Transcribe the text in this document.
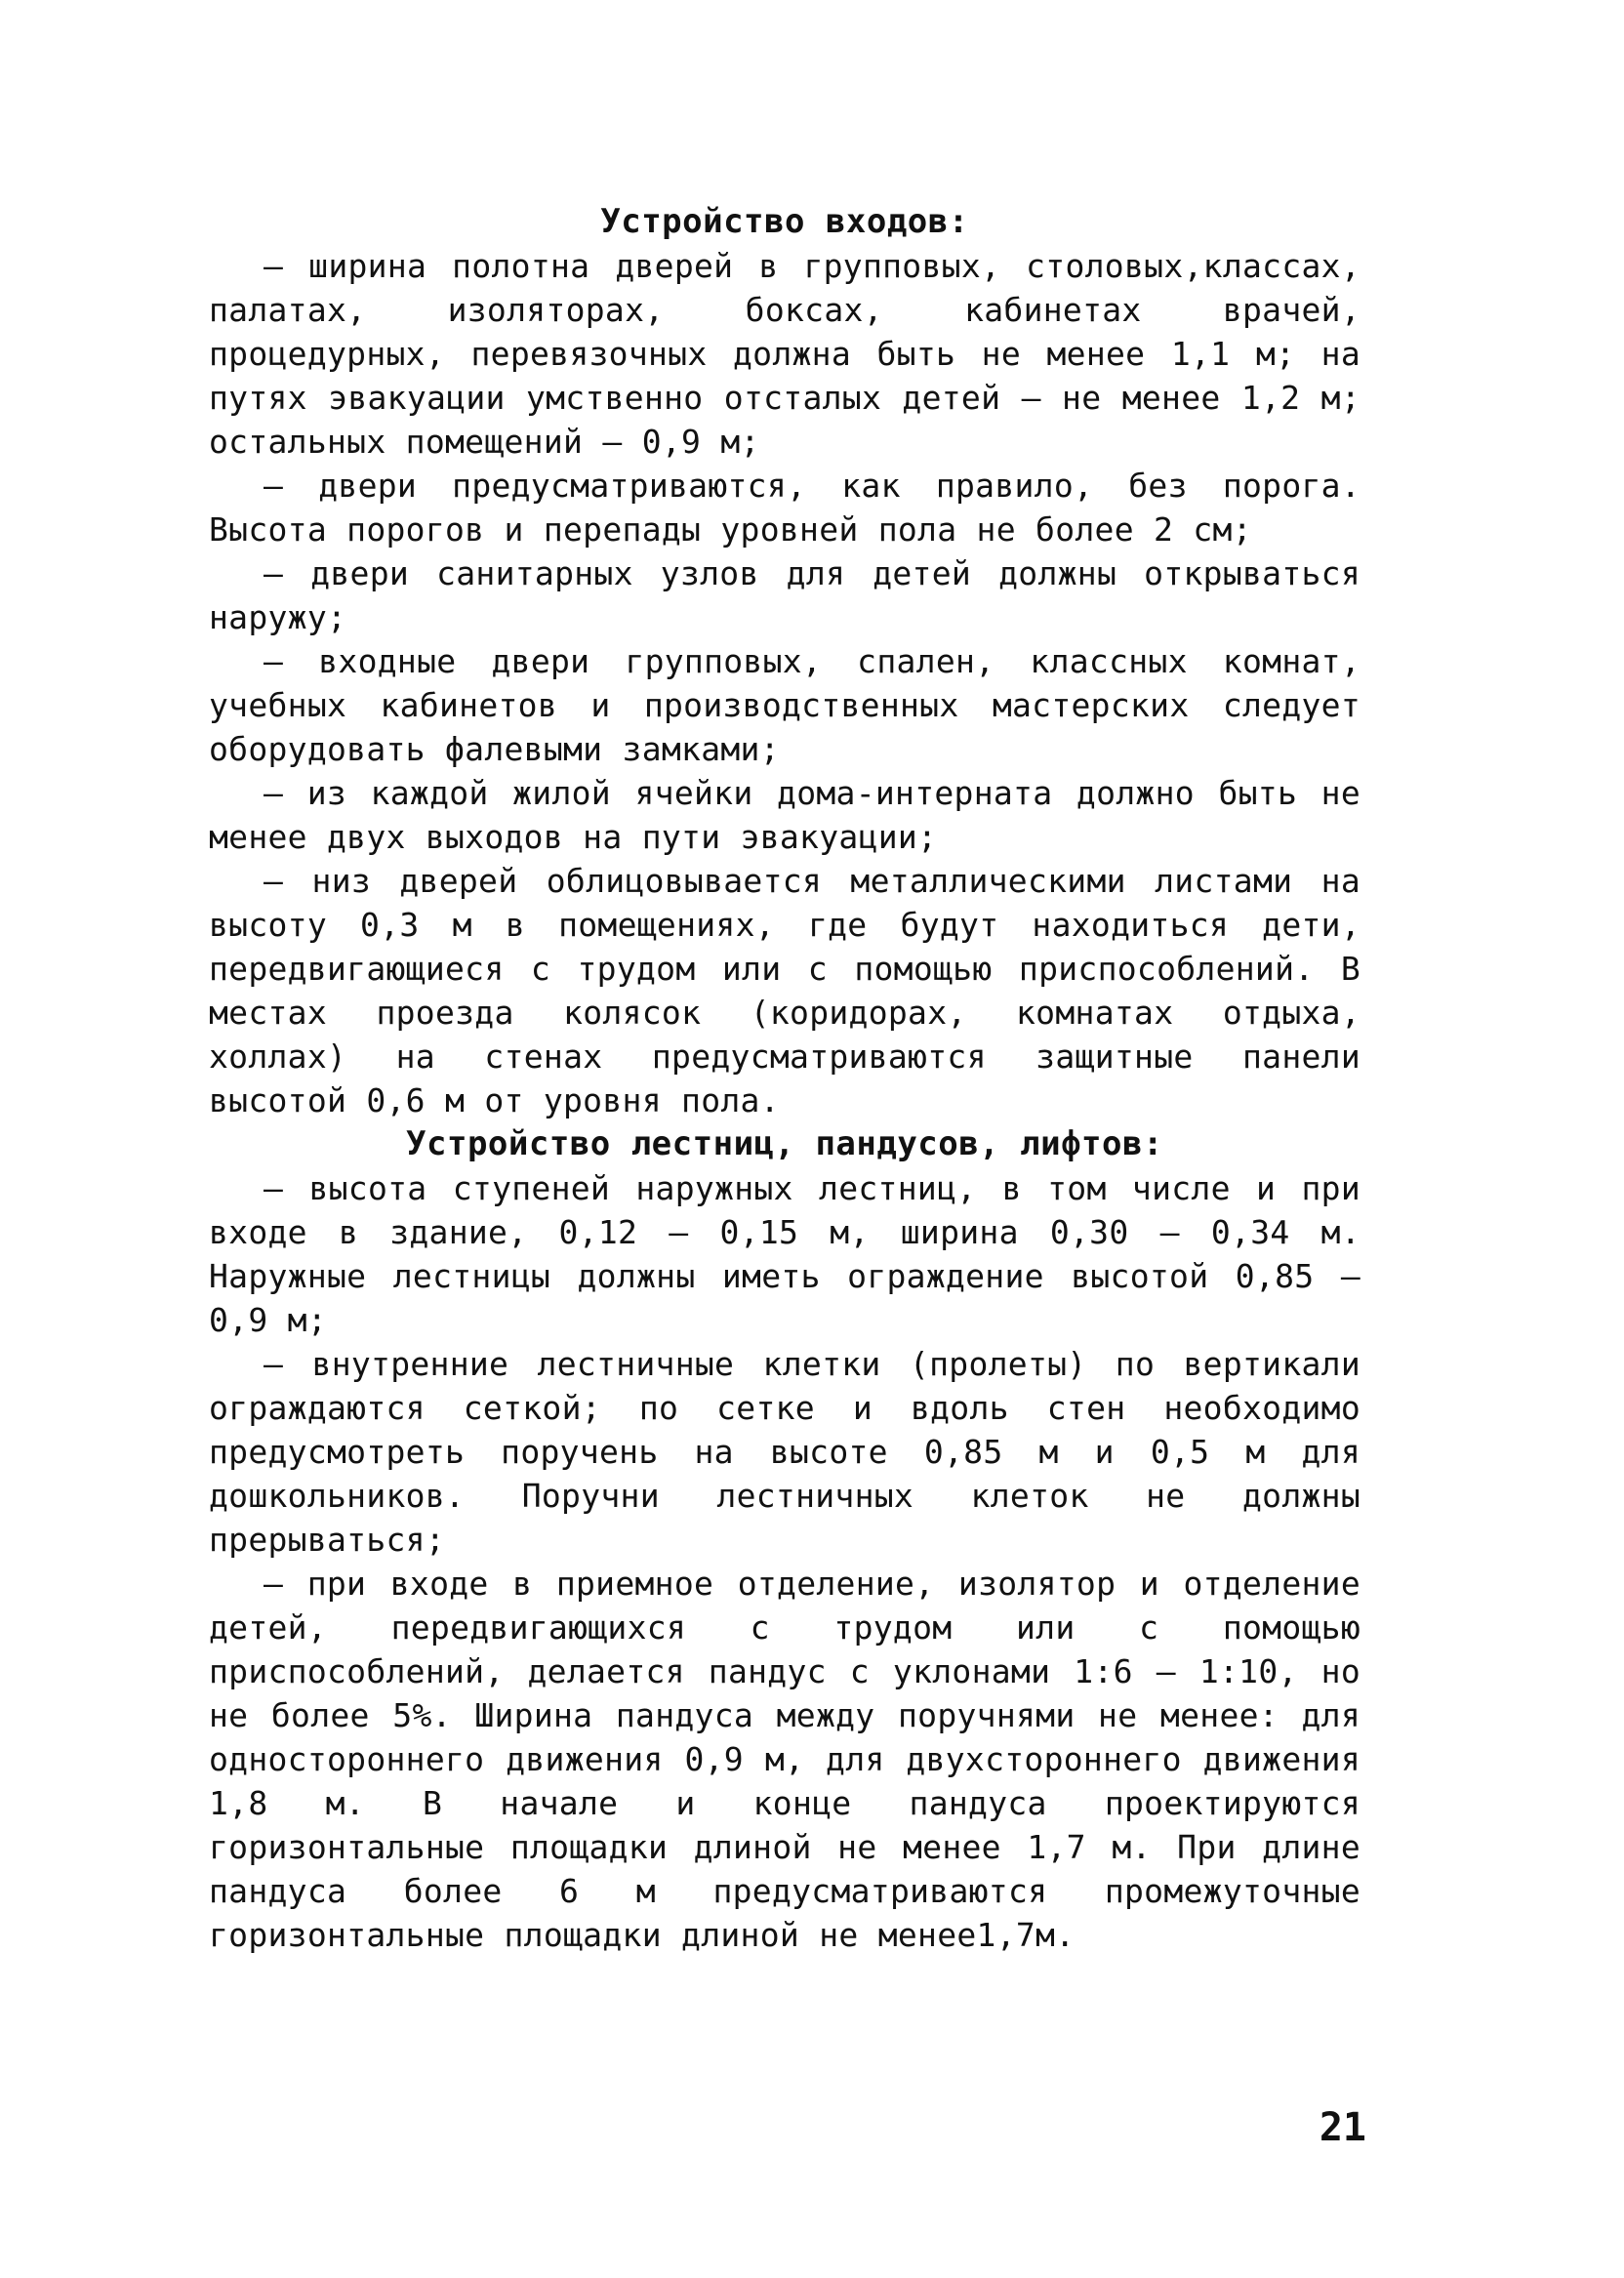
Устройство входов:

– ширина полотна дверей в групповых, столовых,классах, палатах, изоляторах, боксах, кабинетах врачей, процедурных, перевязочных должна быть не менее 1,1 м; на путях эвакуации умственно отсталых детей – не менее 1,2 м; остальных помещений – 0,9 м;

– двери предусматриваются, как правило, без порога. Высота порогов и перепады уровней пола не более 2 см;

– двери санитарных узлов для детей должны открываться наружу;

– входные двери групповых, спален, классных комнат, учебных кабинетов и производственных мастерских следует оборудовать фалевыми замками;

– из каждой жилой ячейки дома-интерната должно быть не менее двух выходов на пути эвакуации;

– низ дверей облицовывается металлическими листами на высоту 0,3 м в помещениях, где будут находиться дети, передвигающиеся с трудом или с помощью приспособлений. В местах проезда колясок (коридорах, комнатах отдыха, холлах) на стенах предусматриваются защитные панели высотой 0,6 м от уровня пола.

Устройство лестниц, пандусов, лифтов:

– высота ступеней наружных лестниц, в том числе и при входе в здание, 0,12 – 0,15 м, ширина 0,30 – 0,34 м. Наружные лестницы должны иметь ограждение высотой 0,85 – 0,9 м;

– внутренние лестничные клетки (пролеты) по вертикали ограждаются сеткой; по сетке и вдоль стен необходимо предусмотреть поручень на высоте 0,85 м и 0,5 м для дошкольников. Поручни лестничных клеток не должны прерываться;

– при входе в приемное отделение, изолятор и отделение детей, передвигающихся с трудом или с помощью приспособлений, делается пандус с уклонами 1:6 – 1:10, но не более 5%. Ширина пандуса между поручнями не менее: для одностороннего движения 0,9 м, для двухстороннего движения 1,8 м. В начале и конце пандуса проектируются горизонтальные площадки длиной не менее 1,7 м. При длине пандуса более 6 м предусматриваются промежуточные горизонтальные площадки длиной не менее1,7м.

21
